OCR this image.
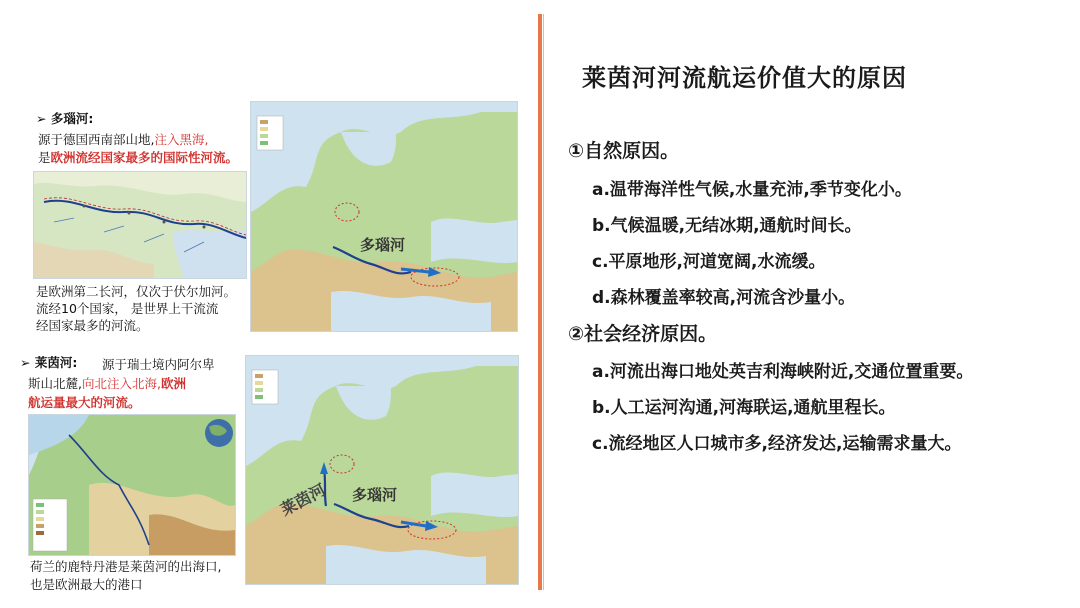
莱茵河河流航运价值大的原因
①自然原因。
a.温带海洋性气候,水量充沛,季节变化小。
b.气候温暖,无结冰期,通航时间长。
c.平原地形,河道宽阔,水流缓。
d.森林覆盖率较高,河流含沙量小。
②社会经济原因。
a.河流出海口地处英吉利海峡附近,交通位置重要。
b.人工运河沟通,河海联运,通航里程长。
c.流经地区人口城市多,经济发达,运输需求量大。
➢ 多瑙河:
源于德国西南部山地,注入黑海,
是欧洲流经国家最多的国际性河流。
是欧洲第二长河，仅次于伏尔加河。
流经10个国家， 是世界上干流流
经国家最多的河流。
多瑙河
➢ 莱茵河: 源于瑞士境内阿尔卑
斯山北麓,向北注入北海,欧洲
航运量最大的河流。
荷兰的鹿特丹港是莱茵河的出海口,
也是欧洲最大的港口
莱茵河 多瑙河
